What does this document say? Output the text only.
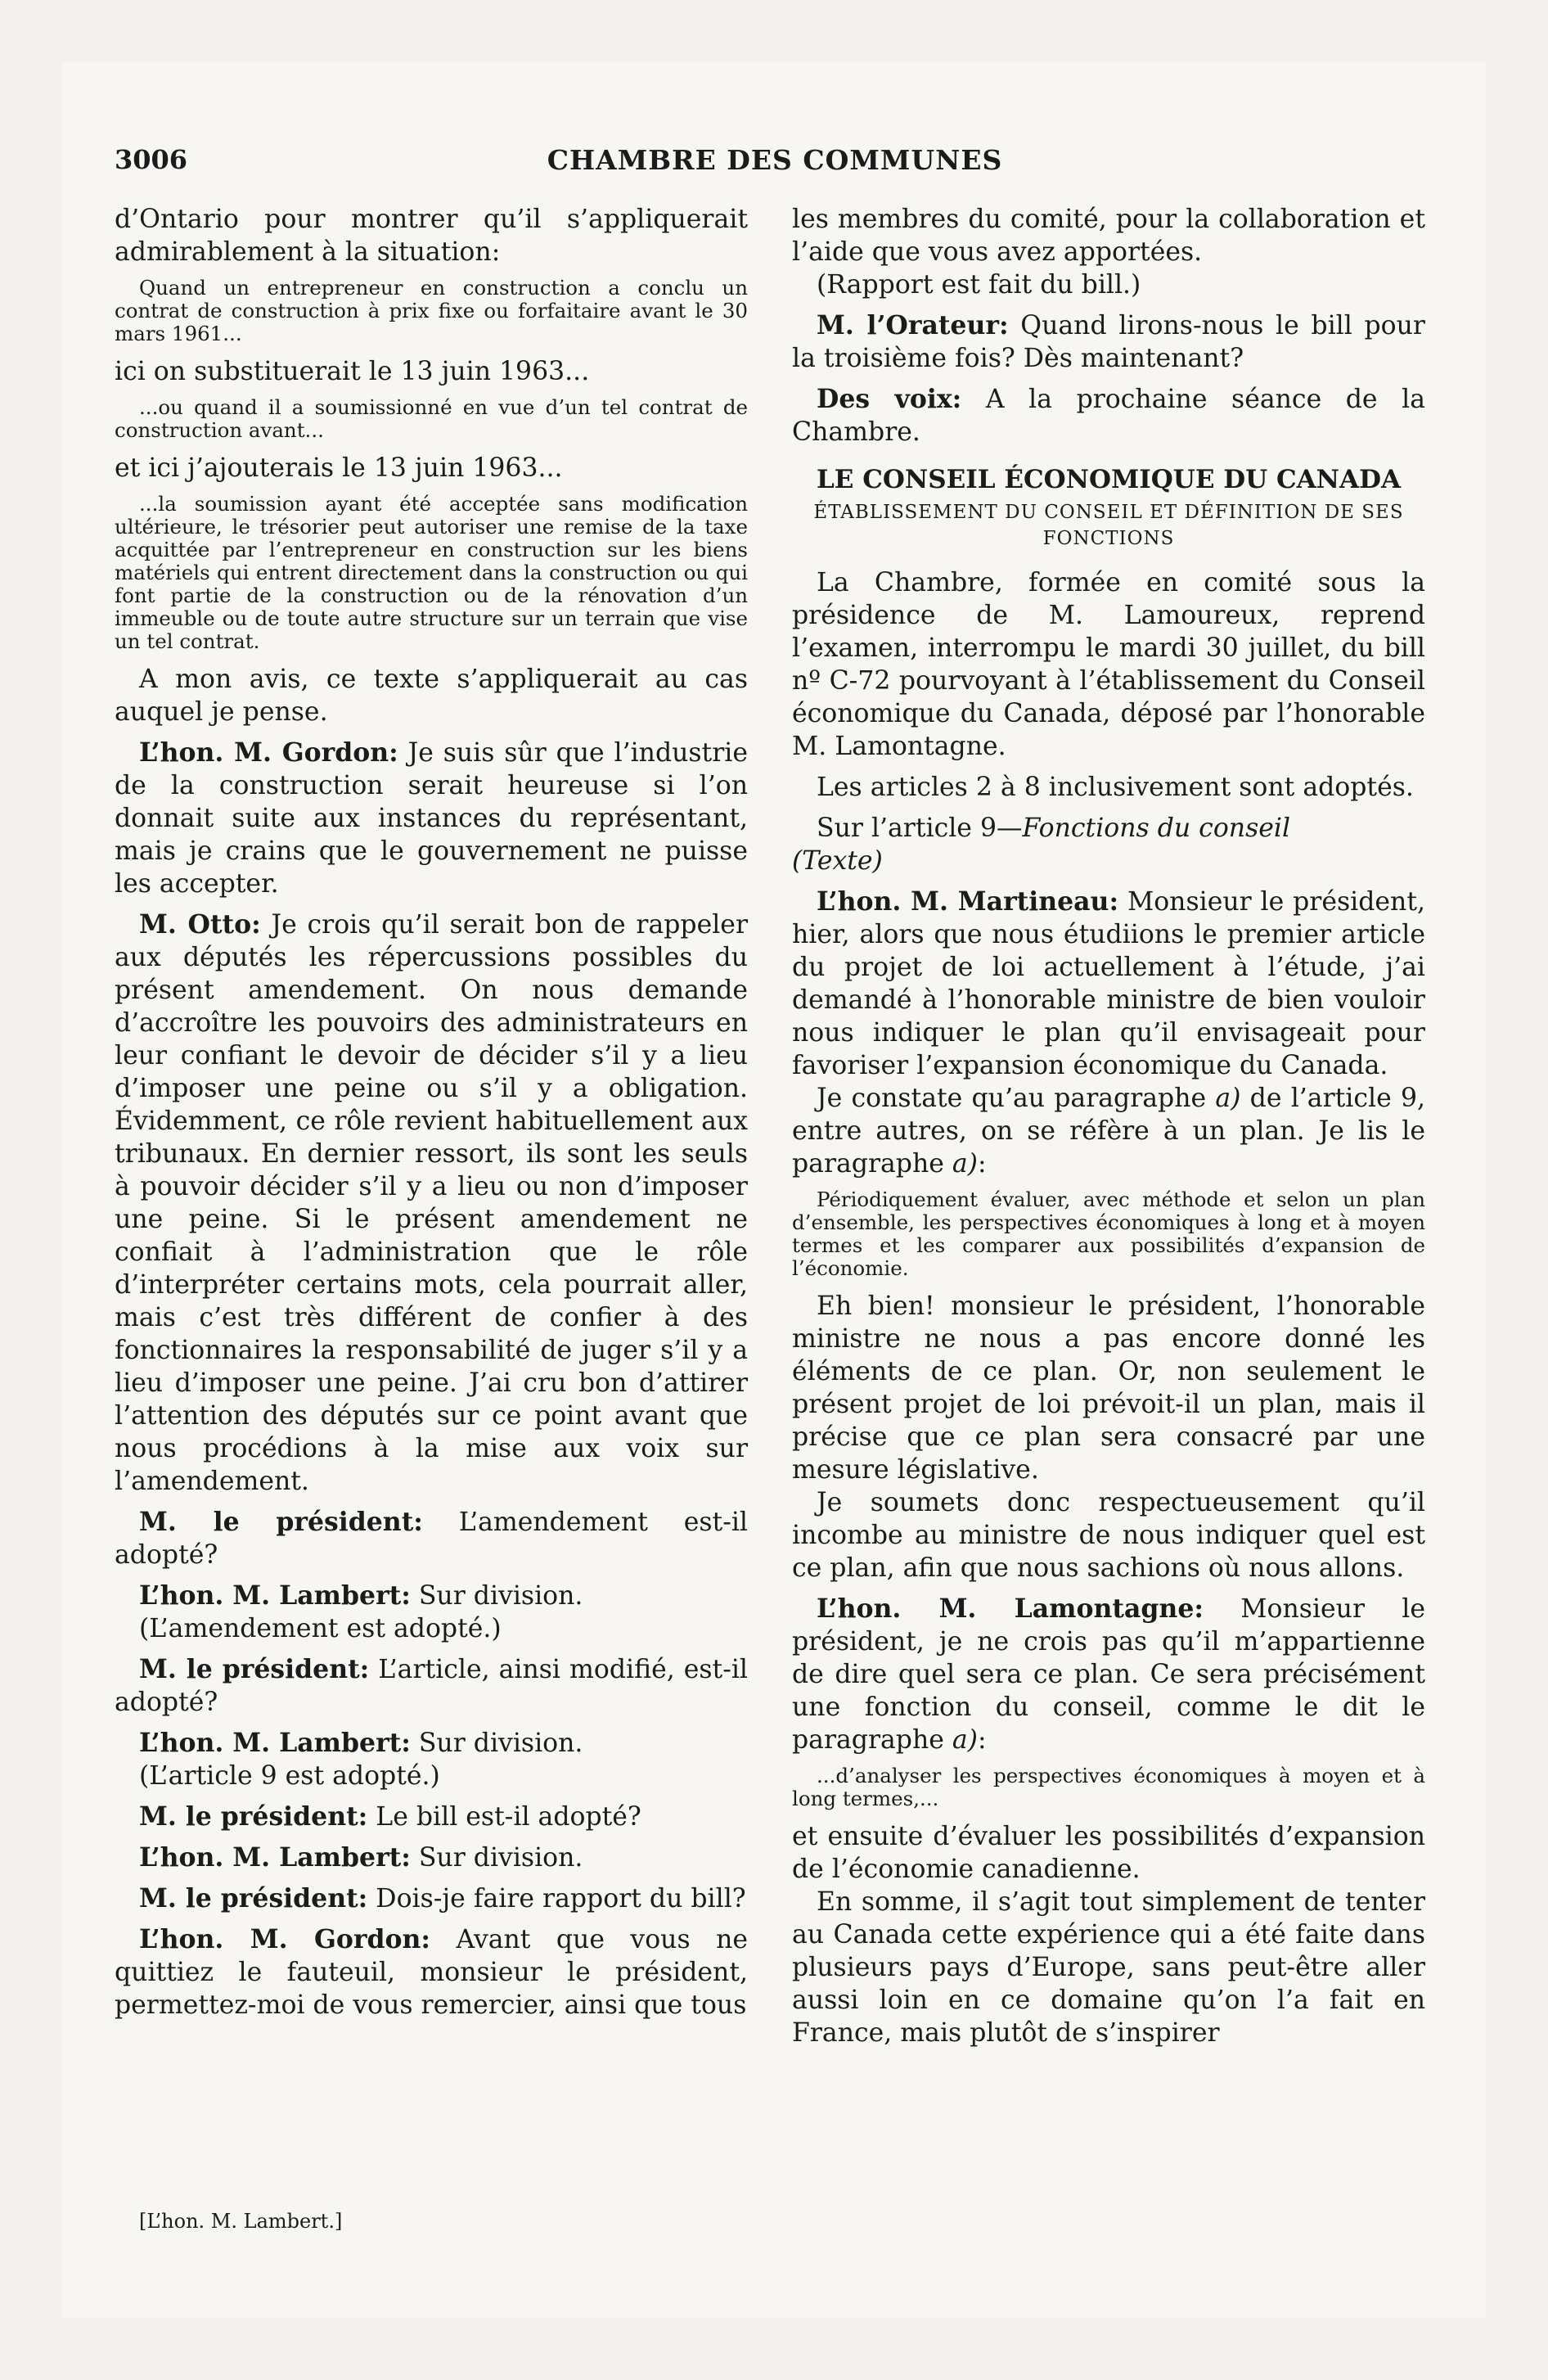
3006	CHAMBRE DES COMMUNES

d’Ontario pour montrer qu’il s’appliquerait admirablement à la situation:

Quand un entrepreneur en construction a conclu un contrat de construction à prix fixe ou forfaitaire avant le 30 mars 1961...

ici on substituerait le 13 juin 1963...

...ou quand il a soumissionné en vue d’un tel contrat de construction avant...

et ici j’ajouterais le 13 juin 1963...

...la soumission ayant été acceptée sans modification ultérieure, le trésorier peut autoriser une remise de la taxe acquittée par l’entrepreneur en construction sur les biens matériels qui entrent directement dans la construction ou qui font partie de la construction ou de la rénovation d’un immeuble ou de toute autre structure sur un terrain que vise un tel contrat.

A mon avis, ce texte s’appliquerait au cas auquel je pense.

L’hon. M. Gordon: Je suis sûr que l’industrie de la construction serait heureuse si l’on donnait suite aux instances du représentant, mais je crains que le gouvernement ne puisse les accepter.

M. Otto: Je crois qu’il serait bon de rappeler aux députés les répercussions possibles du présent amendement. On nous demande d’accroître les pouvoirs des administrateurs en leur confiant le devoir de décider s’il y a lieu d’imposer une peine ou s’il y a obligation. Évidemment, ce rôle revient habituellement aux tribunaux. En dernier ressort, ils sont les seuls à pouvoir décider s’il y a lieu ou non d’imposer une peine. Si le présent amendement ne confiait à l’administration que le rôle d’interpréter certains mots, cela pourrait aller, mais c’est très différent de confier à des fonctionnaires la responsabilité de juger s’il y a lieu d’imposer une peine. J’ai cru bon d’attirer l’attention des députés sur ce point avant que nous procédions à la mise aux voix sur l’amendement.

M. le président: L’amendement est-il adopté?

L’hon. M. Lambert: Sur division.

(L’amendement est adopté.)

M. le président: L’article, ainsi modifié, est-il adopté?

L’hon. M. Lambert: Sur division.

(L’article 9 est adopté.)

M. le président: Le bill est-il adopté?

L’hon. M. Lambert: Sur division.

M. le président: Dois-je faire rapport du bill?

L’hon. M. Gordon: Avant que vous ne quittiez le fauteuil, monsieur le président, permettez-moi de vous remercier, ainsi que tous

les membres du comité, pour la collaboration et l’aide que vous avez apportées.

(Rapport est fait du bill.)

M. l’Orateur: Quand lirons-nous le bill pour la troisième fois? Dès maintenant?

Des voix: A la prochaine séance de la Chambre.

LE CONSEIL ÉCONOMIQUE DU CANADA
ÉTABLISSEMENT DU CONSEIL ET DÉFINITION DE SES FONCTIONS

La Chambre, formée en comité sous la présidence de M. Lamoureux, reprend l’examen, interrompu le mardi 30 juillet, du bill nº C-72 pourvoyant à l’établissement du Conseil économique du Canada, déposé par l’honorable M. Lamontagne.

Les articles 2 à 8 inclusivement sont adoptés.

Sur l’article 9—Fonctions du conseil

(Texte)

L’hon. M. Martineau: Monsieur le président, hier, alors que nous étudiions le premier article du projet de loi actuellement à l’étude, j’ai demandé à l’honorable ministre de bien vouloir nous indiquer le plan qu’il envisageait pour favoriser l’expansion économique du Canada.

Je constate qu’au paragraphe a) de l’article 9, entre autres, on se réfère à un plan. Je lis le paragraphe a):

Périodiquement évaluer, avec méthode et selon un plan d’ensemble, les perspectives économiques à long et à moyen termes et les comparer aux possibilités d’expansion de l’économie.

Eh bien! monsieur le président, l’honorable ministre ne nous a pas encore donné les éléments de ce plan. Or, non seulement le présent projet de loi prévoit-il un plan, mais il précise que ce plan sera consacré par une mesure législative.

Je soumets donc respectueusement qu’il incombe au ministre de nous indiquer quel est ce plan, afin que nous sachions où nous allons.

L’hon. M. Lamontagne: Monsieur le président, je ne crois pas qu’il m’appartienne de dire quel sera ce plan. Ce sera précisément une fonction du conseil, comme le dit le paragraphe a):

...d’analyser les perspectives économiques à moyen et à long termes,...

et ensuite d’évaluer les possibilités d’expansion de l’économie canadienne.

En somme, il s’agit tout simplement de tenter au Canada cette expérience qui a été faite dans plusieurs pays d’Europe, sans peut-être aller aussi loin en ce domaine qu’on l’a fait en France, mais plutôt de s’inspirer

[L’hon. M. Lambert.]
